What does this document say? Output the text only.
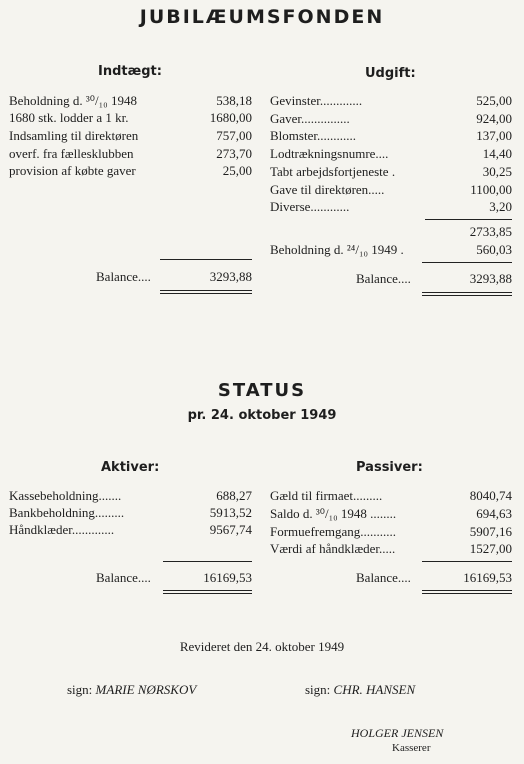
JUBILÆUMSFONDEN
Indtægt:
Beholdning d. ³⁰/₁₀ 1948	538,18
1680 stk. lodder a 1 kr.	1680,00
Indsamling til direktøren	757,00
overf. fra fællesklubben	273,70
provision af købte gaver	25,00
Balance....	3293,88
Udgift:
Gevinster.............	525,00
Gaver...............	924,00
Blomster............	137,00
Lodtrækningsnumre....	14,40
Tabt arbejdsfortjeneste .	30,25
Gave til direktøren.....	1100,00
Diverse............	3,20
2733,85
Beholdning d. ²⁴/₁₀ 1949 .	560,03
Balance....	3293,88
STATUS
pr. 24. oktober 1949
Aktiver:
Kassebeholdning.......	688,27
Bankbeholdning.........	5913,52
Håndklæder.............	9567,74
Balance....	16169,53
Passiver:
Gæld til firmaet.........	8040,74
Saldo d. ³⁰/₁₀ 1948 ........	694,63
Formuefremgang...........	5907,16
Værdi af håndklæder.....	1527,00
Balance....	16169,53
Revideret den 24. oktober 1949
sign: MARIE NØRSKOV	sign: CHR. HANSEN
HOLGER JENSEN
Kasserer
